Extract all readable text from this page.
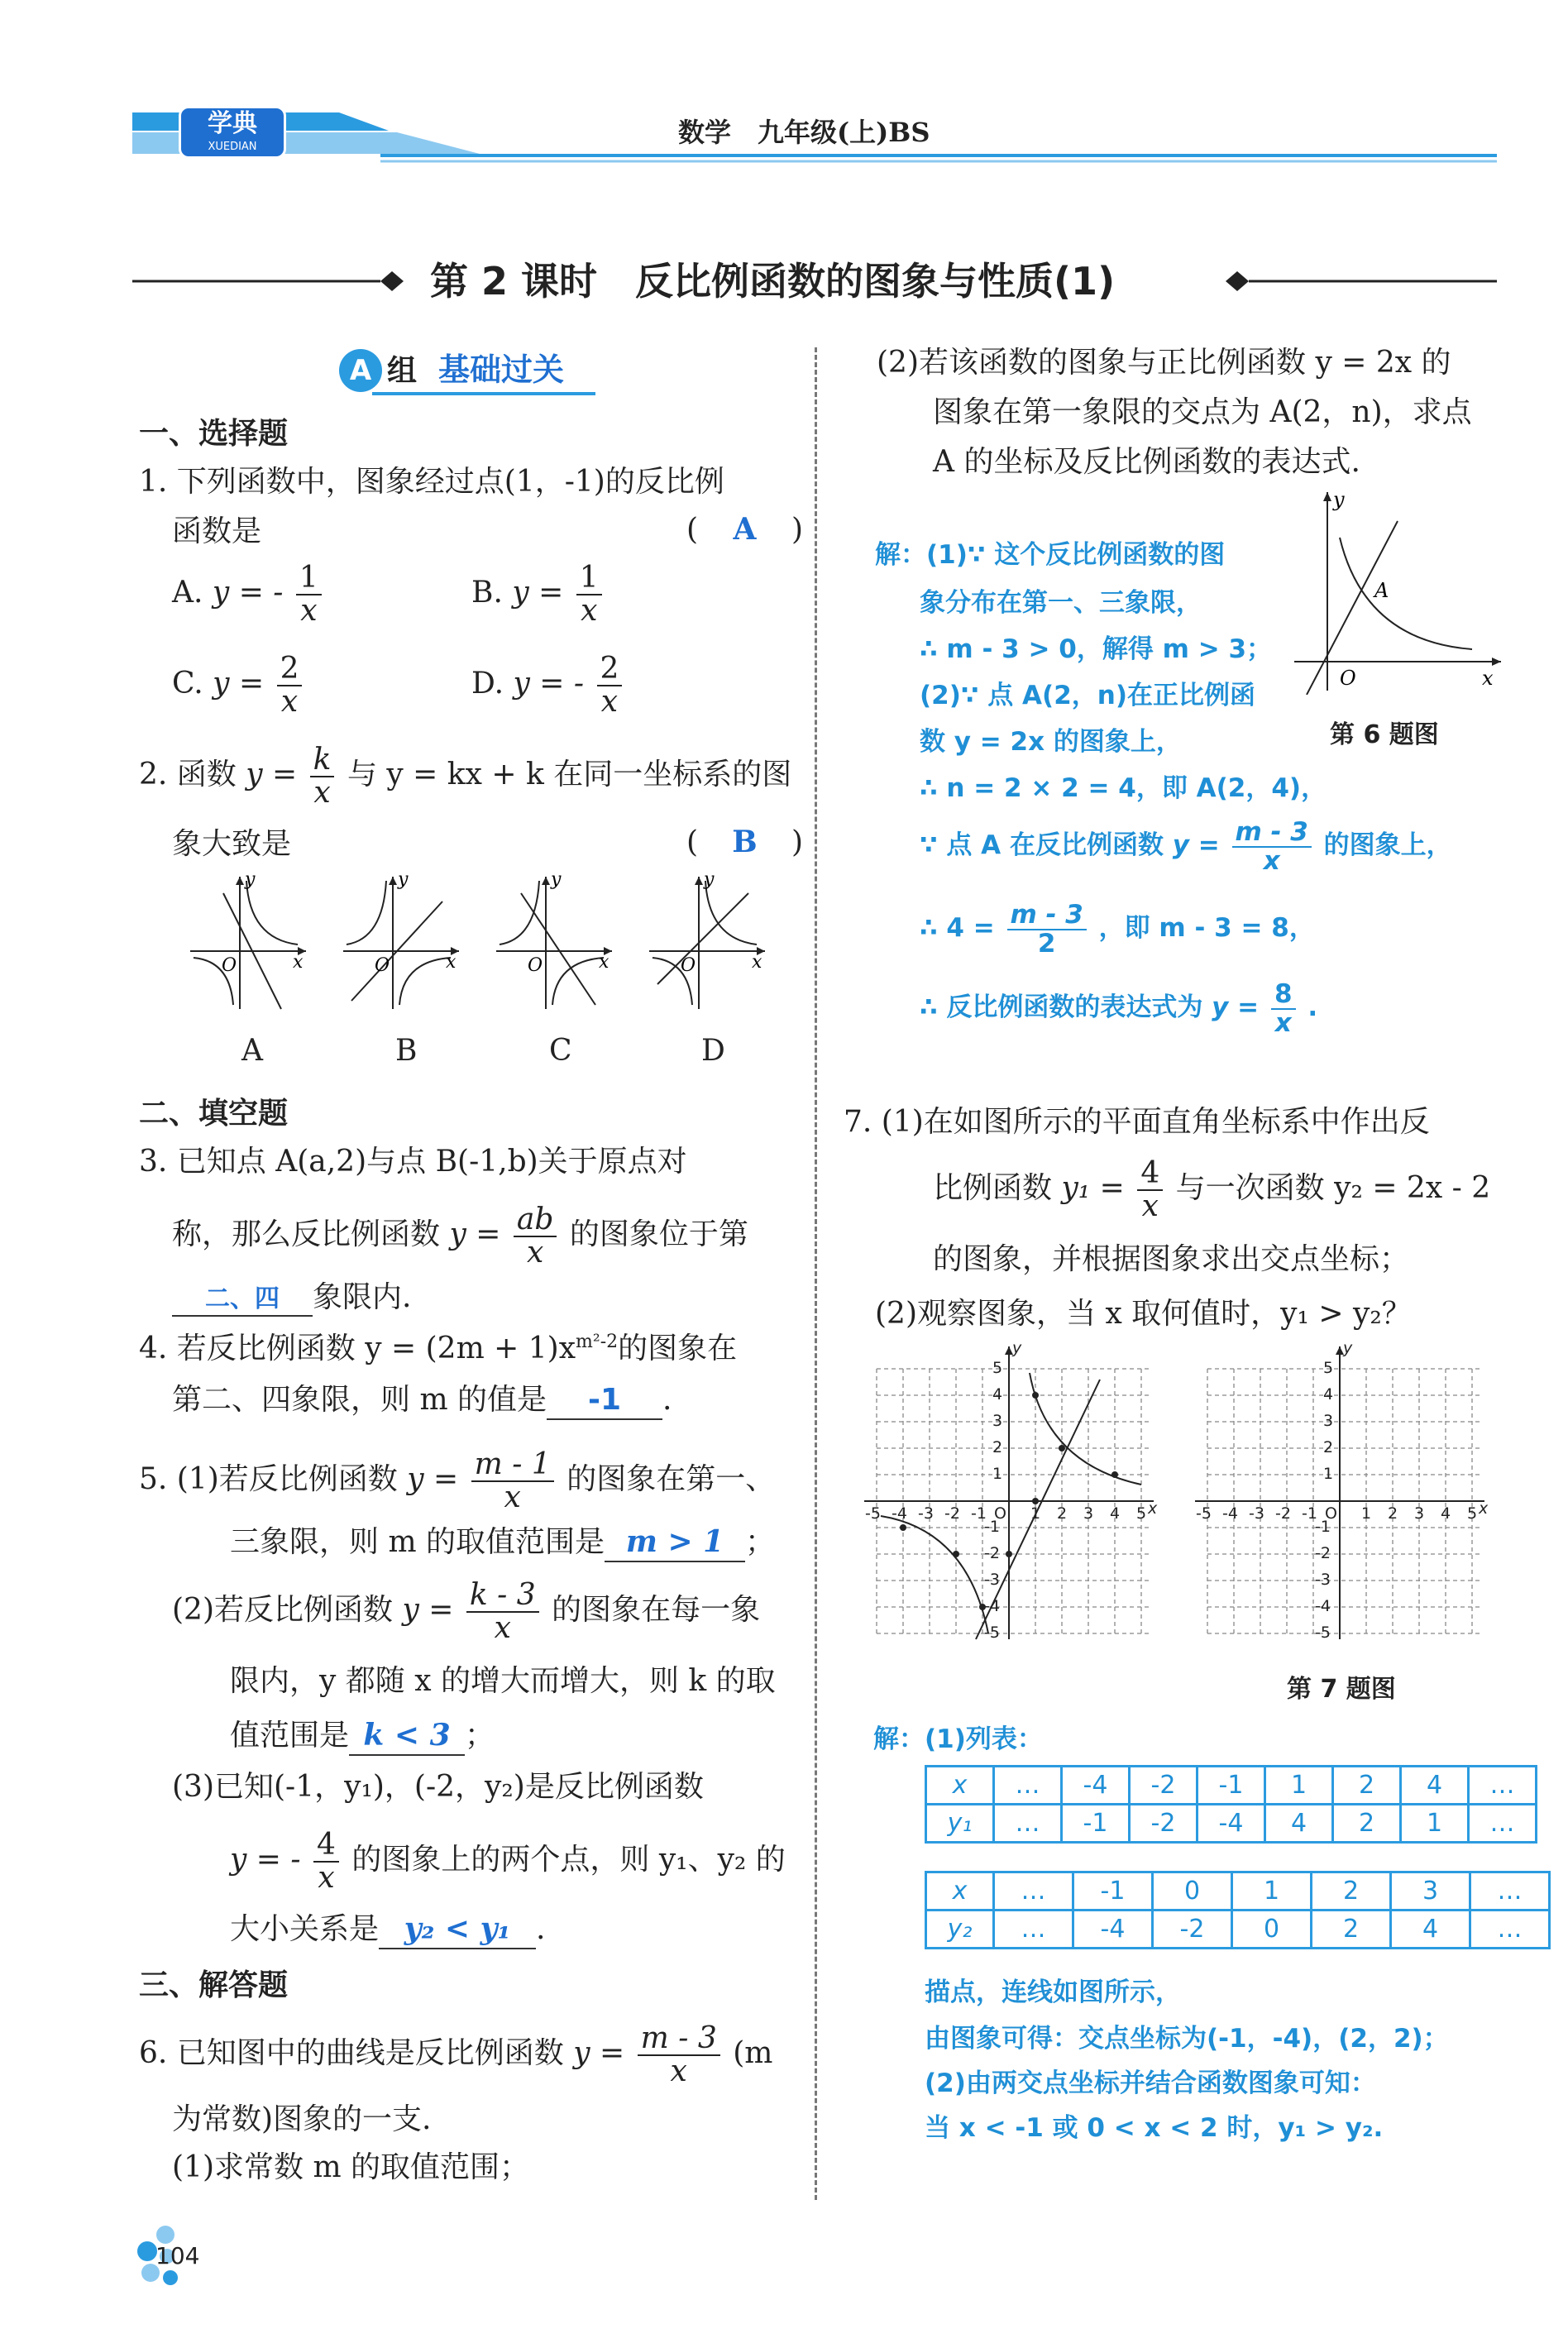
学典
XUEDIAN	数学　九年级(上)BS
第 2 课时　反比例函数的图象与性质(1)
A 组 基础过关
一、选择题
1. 下列函数中，图象经过点(1，-1)的反比例
函数是	( A )
A. y = - $\frac{1}{x}$	B. $y = \frac{1}{x}$
C. $y = \frac{2}{x}$	D. y = - $\frac{2}{x}$
2. 函数 $y = \frac{k}{x}$ 与 y = kx + k 在同一坐标系的图
象大致是	( B )
y
x
O
y
x
O
y
x
O
y
x
O
A	B	C	D
二、填空题
3. 已知点 A(a,2)与点 B(-1,b)关于原点对
称，那么反比例函数 $y = \frac{ab}{x}$ 的图象位于第
二、四 象限内.
4. 若反比例函数 $y = (2m + 1)x^{m^2-2}$的图象在
第二、四象限，则 m 的值是 -1 .
5. (1)若反比例函数 $y = \frac{m - 1}{x}$ 的图象在第一、
三象限，则 m 的取值范围是 m > 1 ；
(2)若反比例函数 $y = \frac{k - 3}{x}$ 的图象在每一象
限内，y 都随 x 的增大而增大，则 k 的取
值范围是 k < 3 ；
(3)已知(-1，y₁)，(-2，y₂)是反比例函数
y = - $\frac{4}{x}$ 的图象上的两个点，则 y₁、y₂ 的
大小关系是 y₂ < y₁ .
三、解答题
6. 已知图中的曲线是反比例函数 $y = \frac{m - 3}{x} (m$
为常数)图象的一支.
(1)求常数 m 的取值范围；
(2)若该函数的图象与正比例函数 y = 2x 的
图象在第一象限的交点为 A(2，n)，求点
A 的坐标及反比例函数的表达式.
y
x
O
A
第 6 题图
解：(1)∵ 这个反比例函数的图
象分布在第一、三象限，
∴ m - 3 > 0，解得 m > 3；
(2)∵ 点 A(2，n)在正比例函
数 y = 2x 的图象上，
∴ n = 2 × 2 = 4，即 A(2，4)，
∵ 点 A 在反比例函数 $y = \frac{m - 3}{x}$ 的图象上，
∴ $4 = \frac{m - 3}{2}$ ，即 m - 3 = 8，
∴ 反比例函数的表达式为 $y = \frac{8}{x}$ .
7. (1)在如图所示的平面直角坐标系中作出反
比例函数 $y_1 = \frac{4}{x}$ 与一次函数 y₂ = 2x - 2
的图象，并根据图象求出交点坐标；
(2)观察图象，当 x 取何值时，y₁ > y₂？
y
5
4
3
2
1
-1
-2
-3
-4
-5
-5 -4 -3 -2 -1 O 1 2 3 4 5 x
y
5
4
3
2
1
-1
-2
-3
-4
-5
-5 -4 -3 -2 -1 O 1 2 3 4 5 x
第 7 题图
解：(1)列表：
x	…	-4	-2	-1	1	2	4	…
y₁	…	-1	-2	-4	4	2	1	…
x	…	-1	0	1	2	3	…
y₂	…	-4	-2	0	2	4	…
描点，连线如图所示，
由图象可得：交点坐标为(-1，-4)，(2，2)；
(2)由两交点坐标并结合函数图象可知：
当 x < -1 或 0 < x < 2 时，y₁ > y₂.
104
